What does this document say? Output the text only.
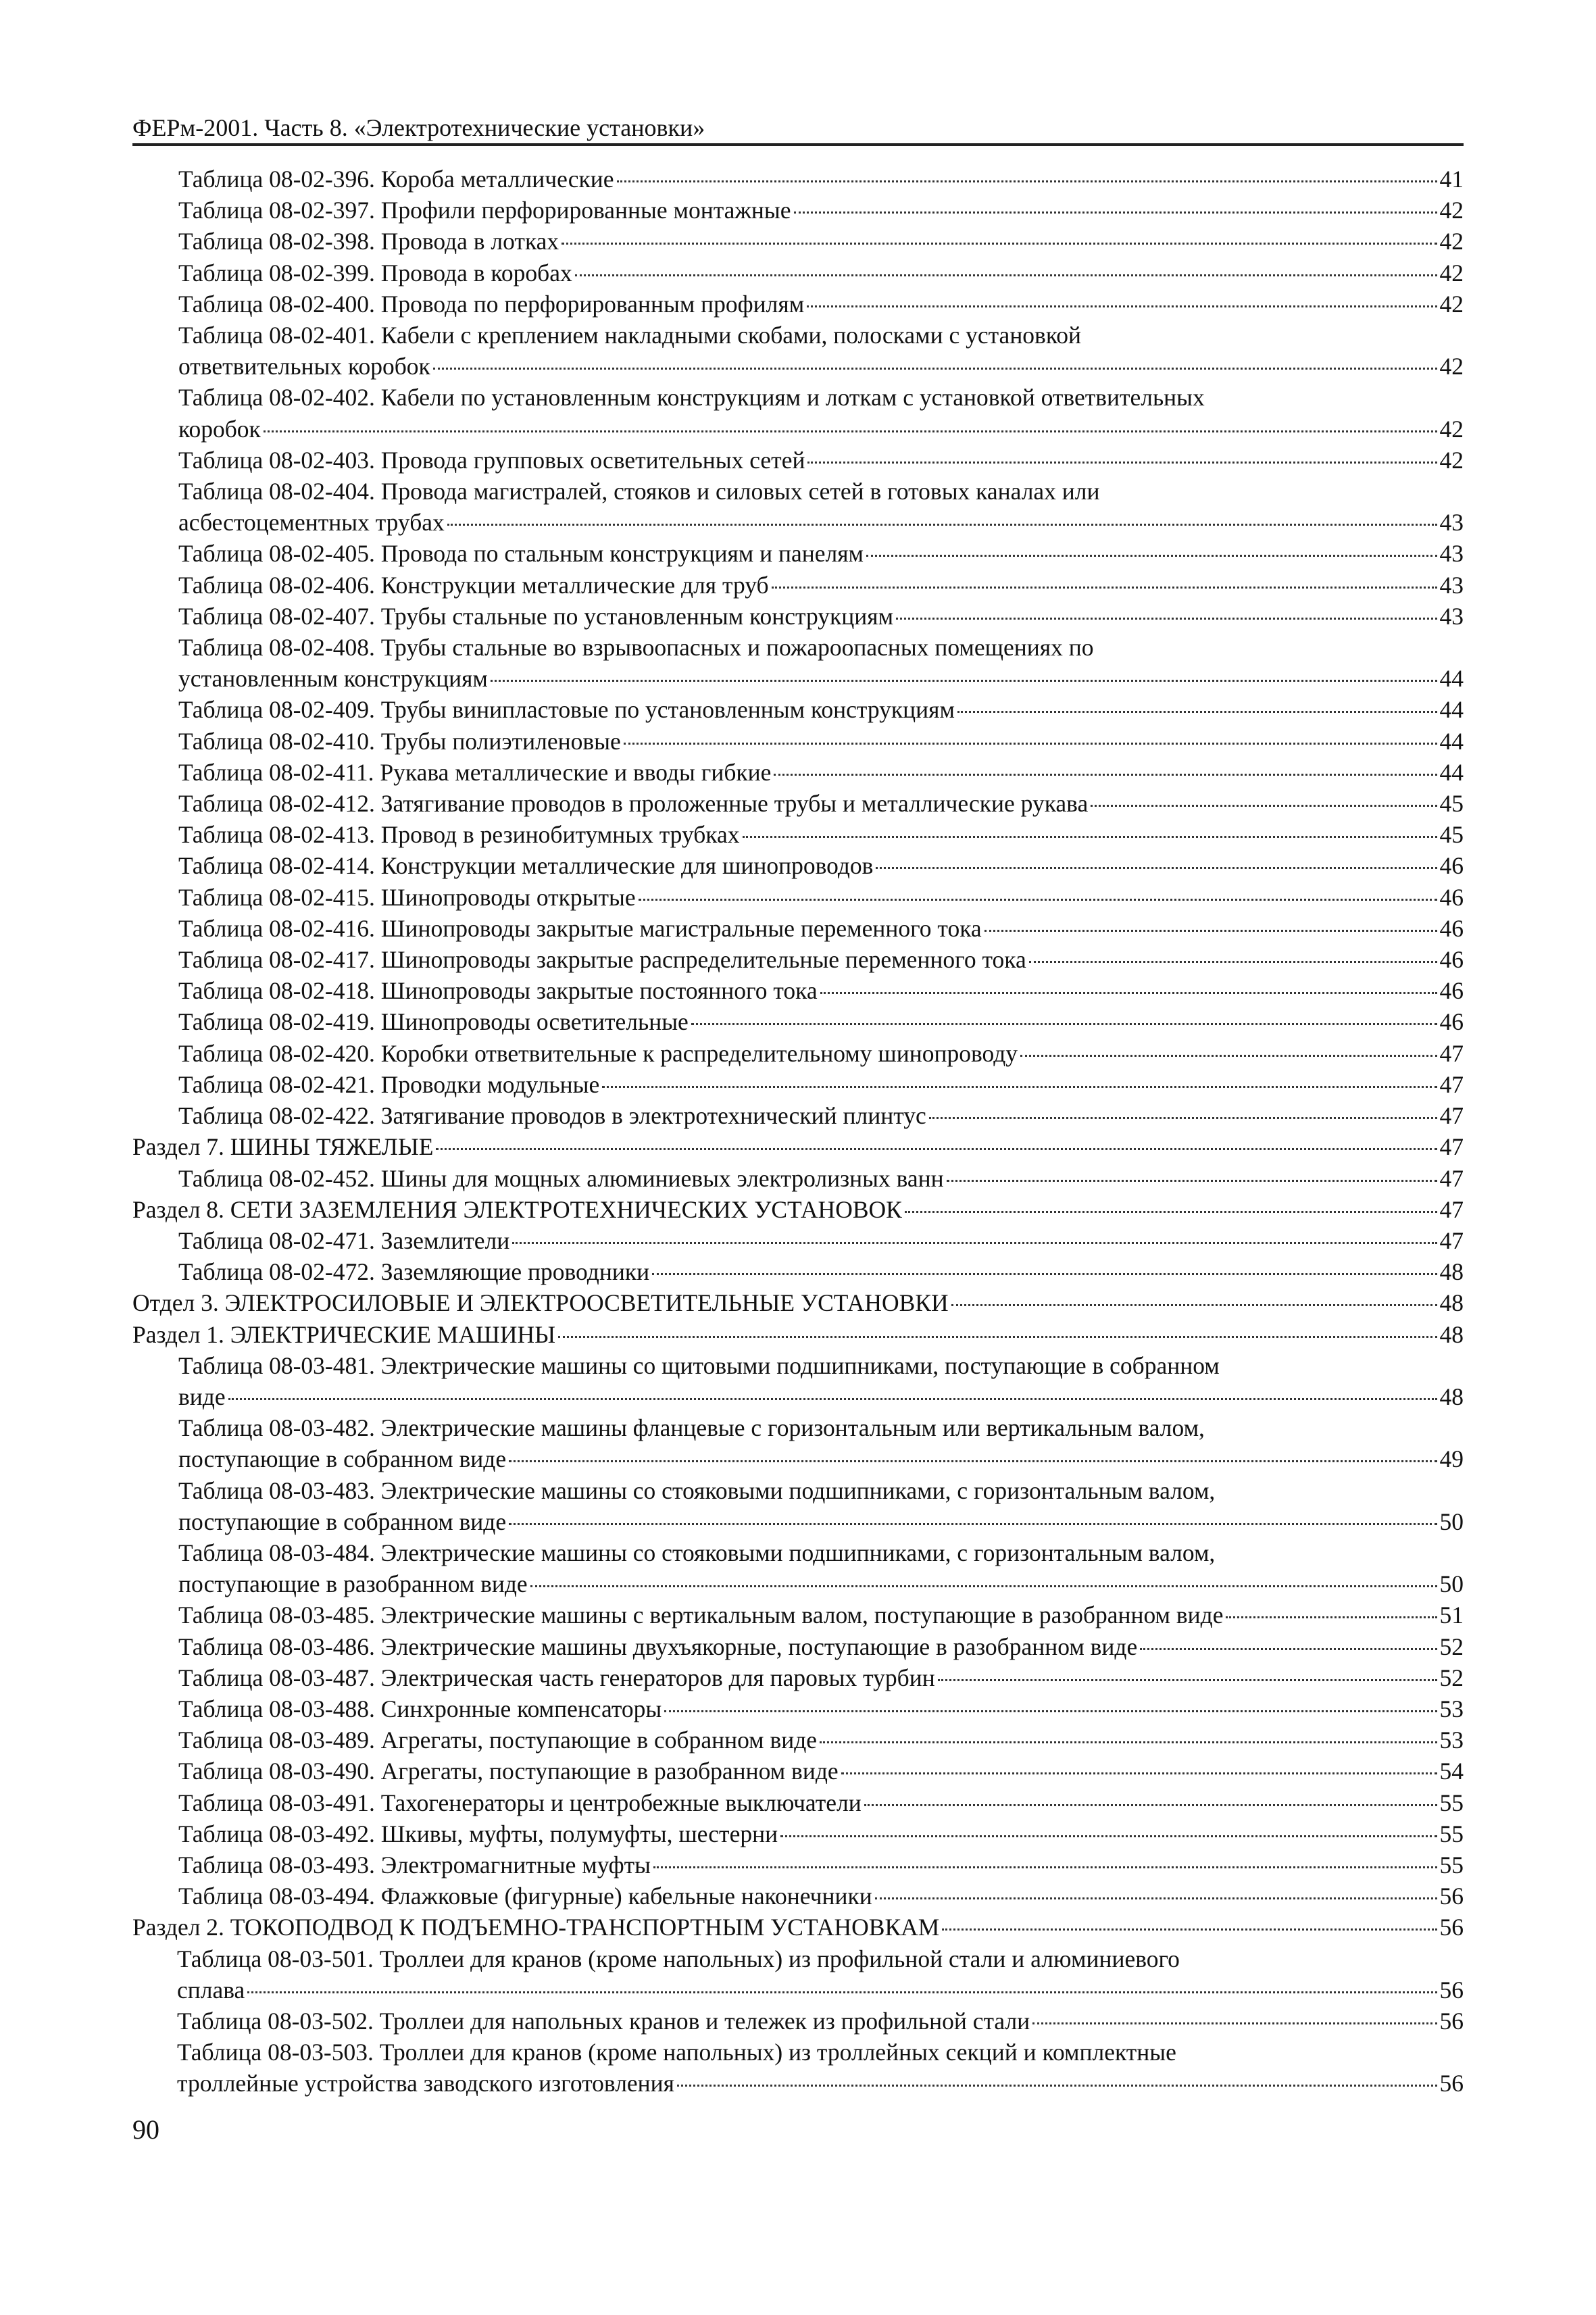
ФЕРм-2001. Часть 8. «Электротехнические установки»
Таблица 08-02-396. Короба металлические	41
Таблица 08-02-397. Профили перфорированные монтажные	42
Таблица 08-02-398. Провода в лотках	42
Таблица 08-02-399. Провода в коробах	42
Таблица 08-02-400. Провода по перфорированным профилям	42
Таблица 08-02-401. Кабели с креплением накладными скобами, полосками с установкой
ответвительных коробок	42
Таблица 08-02-402. Кабели по установленным конструкциям и лоткам с установкой ответвительных
коробок	42
Таблица 08-02-403. Провода групповых осветительных сетей	42
Таблица 08-02-404. Провода магистралей, стояков и силовых сетей в готовых каналах или
асбестоцементных трубах	43
Таблица 08-02-405. Провода по стальным конструкциям и панелям	43
Таблица 08-02-406. Конструкции металлические для труб	43
Таблица 08-02-407. Трубы стальные по установленным конструкциям	43
Таблица 08-02-408. Трубы стальные во взрывоопасных и пожароопасных помещениях по
установленным конструкциям	44
Таблица 08-02-409. Трубы винипластовые по установленным конструкциям	44
Таблица 08-02-410. Трубы полиэтиленовые	44
Таблица 08-02-411. Рукава металлические и вводы гибкие	44
Таблица 08-02-412. Затягивание проводов в проложенные трубы и металлические рукава	45
Таблица 08-02-413. Провод в резинобитумных трубках	45
Таблица 08-02-414. Конструкции металлические для шинопроводов	46
Таблица 08-02-415. Шинопроводы открытые	46
Таблица 08-02-416. Шинопроводы закрытые магистральные переменного тока	46
Таблица 08-02-417. Шинопроводы закрытые распределительные переменного тока	46
Таблица 08-02-418. Шинопроводы закрытые постоянного тока	46
Таблица 08-02-419. Шинопроводы осветительные	46
Таблица 08-02-420. Коробки ответвительные к распределительному шинопроводу	47
Таблица 08-02-421. Проводки модульные	47
Таблица 08-02-422. Затягивание проводов в электротехнический плинтус	47
Раздел 7. ШИНЫ ТЯЖЕЛЫЕ	47
Таблица 08-02-452. Шины для мощных алюминиевых электролизных ванн	47
Раздел 8. СЕТИ ЗАЗЕМЛЕНИЯ ЭЛЕКТРОТЕХНИЧЕСКИХ УСТАНОВОК	47
Таблица 08-02-471. Заземлители	47
Таблица 08-02-472. Заземляющие проводники	48
Отдел 3. ЭЛЕКТРОСИЛОВЫЕ И ЭЛЕКТРООСВЕТИТЕЛЬНЫЕ УСТАНОВКИ	48
Раздел 1. ЭЛЕКТРИЧЕСКИЕ МАШИНЫ	48
Таблица 08-03-481. Электрические машины со щитовыми подшипниками, поступающие в собранном
виде	48
Таблица 08-03-482. Электрические машины фланцевые с горизонтальным или вертикальным валом,
поступающие в собранном виде	49
Таблица 08-03-483. Электрические машины со стояковыми подшипниками, с горизонтальным валом,
поступающие в собранном виде	50
Таблица 08-03-484. Электрические машины со стояковыми подшипниками, с горизонтальным валом,
поступающие в разобранном виде	50
Таблица 08-03-485. Электрические машины с вертикальным валом, поступающие в разобранном виде	51
Таблица 08-03-486. Электрические машины двухъякорные, поступающие в разобранном виде	52
Таблица 08-03-487. Электрическая часть генераторов для паровых турбин	52
Таблица 08-03-488. Синхронные компенсаторы	53
Таблица 08-03-489. Агрегаты, поступающие в собранном виде	53
Таблица 08-03-490. Агрегаты, поступающие в разобранном виде	54
Таблица 08-03-491. Тахогенераторы и центробежные выключатели	55
Таблица 08-03-492. Шкивы, муфты, полумуфты, шестерни	55
Таблица 08-03-493. Электромагнитные муфты	55
Таблица 08-03-494. Флажковые (фигурные) кабельные наконечники	56
Раздел 2. ТОКОПОДВОД К ПОДЪЕМНО-ТРАНСПОРТНЫМ УСТАНОВКАМ	56
Таблица 08-03-501. Троллеи для кранов (кроме напольных) из профильной стали и алюминиевого
сплава	56
Таблица 08-03-502. Троллеи для напольных кранов и тележек из профильной стали	56
Таблица 08-03-503. Троллеи для кранов (кроме напольных) из троллейных секций и комплектные
троллейные устройства заводского изготовления	56
90
